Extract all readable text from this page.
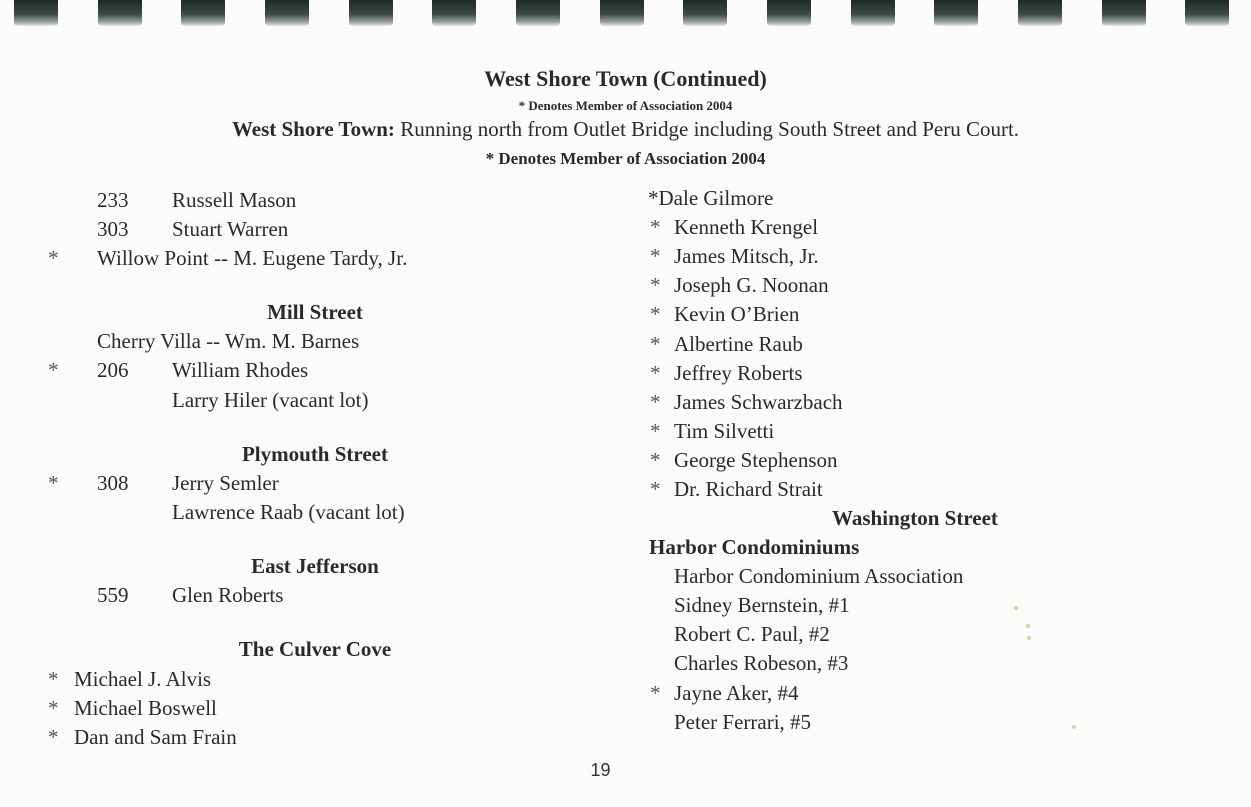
West Shore Town (Continued)
* Denotes Member of Association 2004
West Shore Town: Running north from Outlet Bridge including South Street and Peru Court.
* Denotes Member of Association 2004
233 Russell Mason
303 Stuart Warren
* Willow Point -- M. Eugene Tardy, Jr.
Mill Street
Cherry Villa -- Wm. M. Barnes
* 206 William Rhodes
Larry Hiler (vacant lot)
Plymouth Street
* 308 Jerry Semler
Lawrence Raab (vacant lot)
East Jefferson
559 Glen Roberts
The Culver Cove
* Michael J. Alvis
* Michael Boswell
* Dan and Sam Frain
*Dale Gilmore
* Kenneth Krengel
* James Mitsch, Jr.
* Joseph G. Noonan
* Kevin O’Brien
* Albertine Raub
* Jeffrey Roberts
* James Schwarzbach
* Tim Silvetti
* George Stephenson
* Dr. Richard Strait
Washington Street
Harbor Condominiums
Harbor Condominium Association
Sidney Bernstein, #1
Robert C. Paul, #2
Charles Robeson, #3
* Jayne Aker, #4
Peter Ferrari, #5
19
